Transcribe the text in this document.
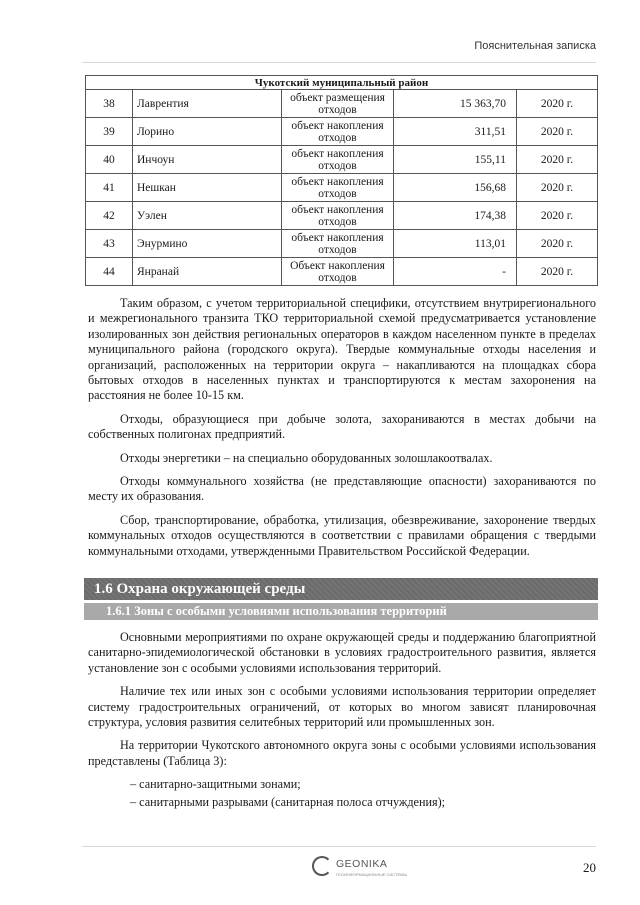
Пояснительная записка
Чукотский муниципальный район				
38	Лаврентия	объект размещения отходов	15 363,70	2020 г.
39	Лорино	объект накопления отходов	311,51	2020 г.
40	Инчоун	объект накопления отходов	155,11	2020 г.
41	Нешкан	объект накопления отходов	156,68	2020 г.
42	Уэлен	объект накопления отходов	174,38	2020 г.
43	Энурмино	объект накопления отходов	113,01	2020 г.
44	Янранай	Объект накопления отходов	-	2020 г.

Таким образом, с учетом территориальной специфики, отсутствием внутрирегионального и межрегионального транзита ТКО территориальной схемой предусматривается установление изолированных зон действия региональных операторов в каждом населенном пункте в пределах муниципального района (городского округа). Твердые коммунальные отходы населения и организаций, расположенных на территории округа – накапливаются на площадках сбора бытовых отходов в населенных пунктах и транспортируются к местам захоронения на расстояния не более 10-15 км.

Отходы, образующиеся при добыче золота, захораниваются в местах добычи на собственных полигонах предприятий.

Отходы энергетики – на специально оборудованных золошлакоотвалах.

Отходы коммунального хозяйства (не представляющие опасности) захораниваются по месту их образования.

Сбор, транспортирование, обработка, утилизация, обезвреживание, захоронение твердых коммунальных отходов осуществляются в соответствии с правилами обращения с твердыми коммунальными отходами, утвержденными Правительством Российской Федерации.

1.6 Охрана окружающей среды
1.6.1 Зоны с особыми условиями использования территорий

Основными мероприятиями по охране окружающей среды и поддержанию благоприятной санитарно-эпидемиологической обстановки в условиях градостроительного развития, является установление зон с особыми условиями использования территорий.

Наличие тех или иных зон с особыми условиями использования территории определяет систему градостроительных ограничений, от которых во многом зависят планировочная структура, условия развития селитебных территорий или промышленных зон.

На территории Чукотского автономного округа зоны с особыми условиями использования представлены (Таблица 3):

– санитарно-защитными зонами;

– санитарными разрывами (санитарная полоса отчуждения);

GEONIKA
ГЕОИНФОРМАЦИОННЫЕ СИСТЕМЫ	20
